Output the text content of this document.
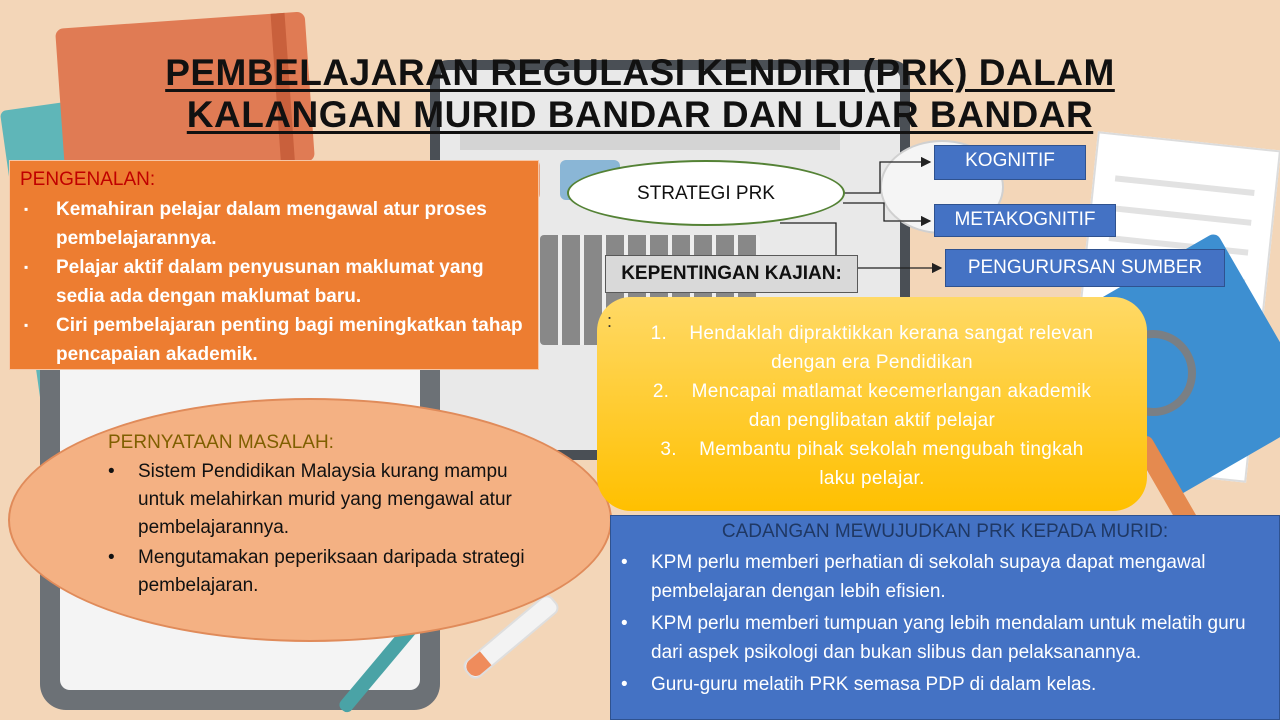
PEMBELAJARAN REGULASI KENDIRI (PRK) DALAM
KALANGAN MURID BANDAR DAN LUAR BANDAR
PENGENALAN:
▪ Kemahiran pelajar dalam mengawal atur proses pembelajarannya.
▪ Pelajar aktif dalam penyusunan maklumat yang sedia ada dengan maklumat baru.
▪ Ciri pembelajaran penting bagi meningkatkan tahap pencapaian akademik.
PERNYATAAN MASALAH:
• Sistem Pendidikan Malaysia kurang mampu untuk melahirkan murid yang mengawal atur pembelajarannya.
• Mengutamakan peperiksaan daripada strategi pembelajaran.
STRATEGI PRK
KOGNITIF
METAKOGNITIF
PENGURURSAN SUMBER
KEPENTINGAN KAJIAN:
:
1. Hendaklah dipraktikkan kerana sangat relevan
dengan era Pendidikan
2. Mencapai matlamat kecemerlangan akademik
dan penglibatan aktif pelajar
3. Membantu pihak sekolah mengubah tingkah
laku pelajar.
CADANGAN MEWUJUDKAN PRK KEPADA MURID:
• KPM perlu memberi perhatian di sekolah supaya dapat mengawal pembelajaran dengan lebih efisien.
• KPM perlu memberi tumpuan yang lebih mendalam untuk melatih guru dari aspek psikologi dan bukan slibus dan pelaksanannya.
• Guru-guru melatih PRK semasa PDP di dalam kelas.
